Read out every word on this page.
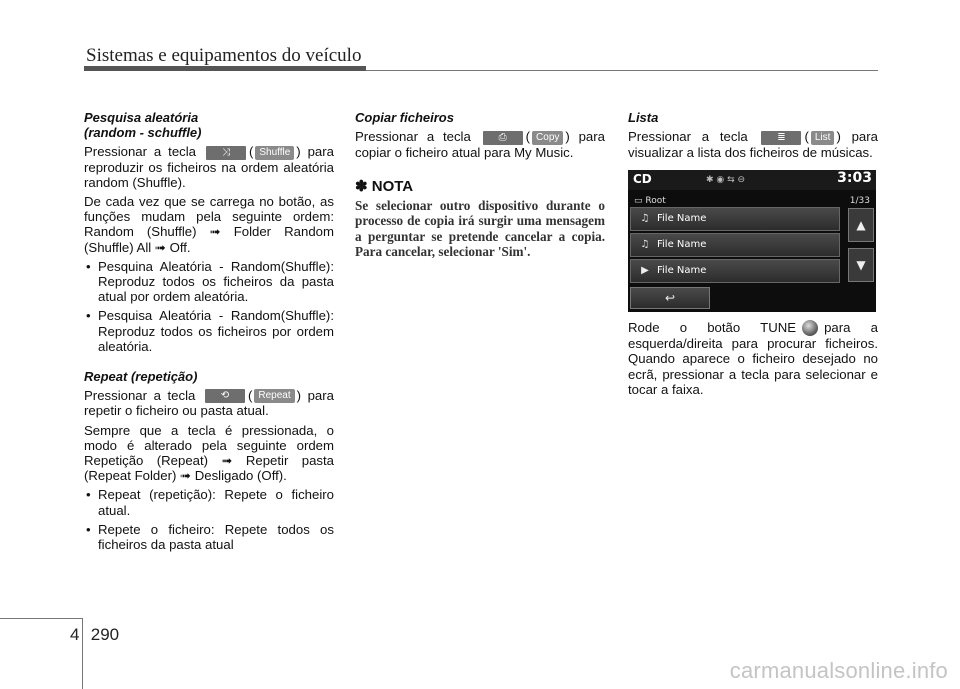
Sistemas e equipamentos do veículo
Pesquisa aleatória
(random - schuffle)
Pressionar a tecla	⤨ ( Shuffle ) para reproduzir os ficheiros na ordem aleatória random (Shuffle).
De cada vez que se carrega no botão, as funções mudam pela seguinte ordem: Random (Shuffle) ➟ Folder Random (Shuffle) All ➟ Off.
• Pesquina Aleatória - Random(Shuffle): Reproduz todos os ficheiros da pasta atual por ordem aleatória.
• Pesquisa Aleatória - Random(Shuffle): Reproduz todos os ficheiros por ordem aleatória.
Repeat (repetição)
Pressionar a tecla	⟲ ( Repeat ) para repetir o ficheiro ou pasta atual.
Sempre que a tecla é pressionada, o modo é alterado pela seguinte ordem Repetição (Repeat) ➟ Repetir pasta (Repeat Folder) ➟ Desligado (Off).
• Repeat (repetição): Repete o ficheiro atual.
• Repete o ficheiro: Repete todos os ficheiros da pasta atual
Copiar ficheiros
Pressionar a tecla	⎙ ( Copy ) para copiar o ficheiro atual para My Music.
✽ NOTA
Se selecionar outro dispositivo durante o processo de copia irá surgir uma mensagem a perguntar se pretende cancelar a copia. Para cancelar, selecionar 'Sim'.
Lista
Pressionar a tecla	≣ ( List ) para visualizar a lista dos ficheiros de músicas.
CD	✱ ◉ ⇆ ⊖	3:03
▭ Root	1/33
♫ File Name
♫ File Name
▶ File Name
▲
▼
↩
Rode o botão TUNE para a esquerda/direita para procurar ficheiros. Quando aparece o ficheiro desejado no ecrã, pressionar a tecla para selecionar e tocar a faixa.
4 290
carmanualsonline.info
